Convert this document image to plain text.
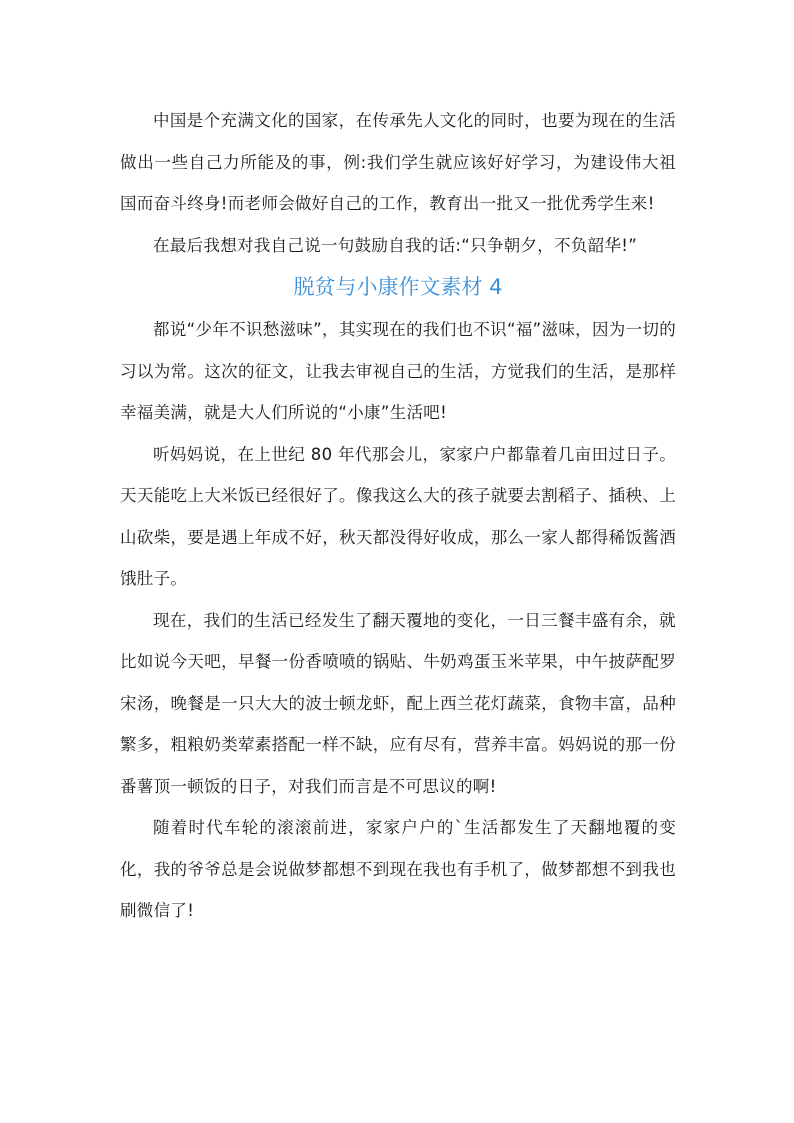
中国是个充满文化的国家，在传承先人文化的同时，也要为现在的生活做出一些自己力所能及的事，例:我们学生就应该好好学习，为建设伟大祖国而奋斗终身!而老师会做好自己的工作，教育出一批又一批优秀学生来!

在最后我想对我自己说一句鼓励自我的话:“只争朝夕，不负韶华!”

脱贫与小康作文素材 4

都说“少年不识愁滋味”，其实现在的我们也不识“福”滋味，因为一切的习以为常。这次的征文，让我去审视自己的生活，方觉我们的生活，是那样幸福美满，就是大人们所说的“小康”生活吧!

听妈妈说，在上世纪 80 年代那会儿，家家户户都靠着几亩田过日子。天天能吃上大米饭已经很好了。像我这么大的孩子就要去割稻子、插秧、上山砍柴，要是遇上年成不好，秋天都没得好收成，那么一家人都得稀饭酱酒饿肚子。

现在，我们的生活已经发生了翻天覆地的变化，一日三餐丰盛有余，就比如说今天吧，早餐一份香喷喷的锅贴、牛奶鸡蛋玉米苹果，中午披萨配罗宋汤，晚餐是一只大大的波士顿龙虾，配上西兰花灯蔬菜，食物丰富，品种繁多，粗粮奶类荤素搭配一样不缺，应有尽有，营养丰富。妈妈说的那一份番薯顶一顿饭的日子，对我们而言是不可思议的啊!

随着时代车轮的滚滚前进，家家户户的`生活都发生了天翻地覆的变化，我的爷爷总是会说做梦都想不到现在我也有手机了，做梦都想不到我也刷微信了!
